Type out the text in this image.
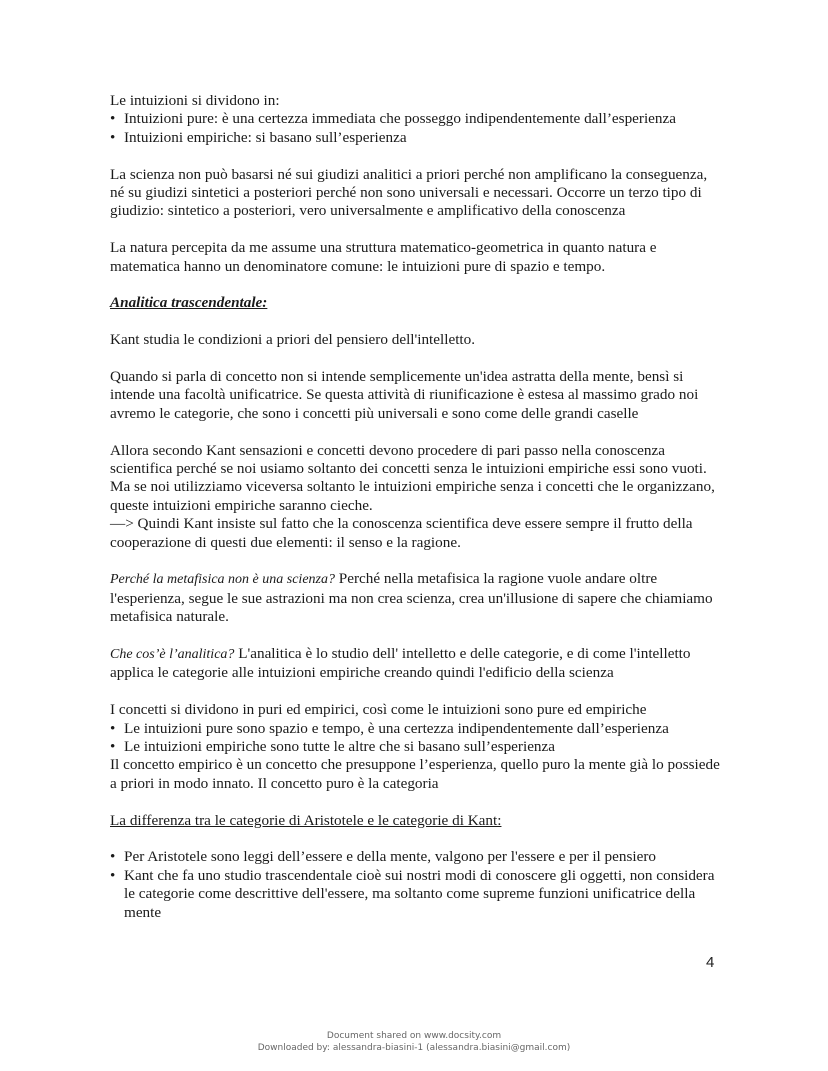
Le intuizioni si dividono in:

• Intuizioni pure: è una certezza immediata che posseggo indipendentemente dall’esperienza

• Intuizioni empiriche: si basano sull’esperienza

La scienza non può basarsi né sui giudizi analitici a priori perché non amplificano la conseguenza, né su giudizi sintetici a posteriori perché non sono universali e necessari. Occorre un terzo tipo di giudizio: sintetico a posteriori, vero universalmente e amplificativo della conoscenza

La natura percepita da me assume una struttura matematico-geometrica in quanto natura e matematica hanno un denominatore comune: le intuizioni pure di spazio e tempo.

Analitica trascendentale:

Kant studia le condizioni a priori del pensiero dell'intelletto.

Quando si parla di concetto non si intende semplicemente un'idea astratta della mente, bensì si intende una facoltà unificatrice. Se questa attività di riunificazione è estesa al massimo grado noi avremo le categorie, che sono i concetti più universali e sono come delle grandi caselle

Allora secondo Kant sensazioni e concetti devono procedere di pari passo nella conoscenza scientifica perché se noi usiamo soltanto dei concetti senza le intuizioni empiriche essi sono vuoti. Ma se noi utilizziamo viceversa soltanto le intuizioni empiriche senza i concetti che le organizzano, queste intuizioni empiriche saranno cieche.

—> Quindi Kant insiste sul fatto che la conoscenza scientifica deve essere sempre il frutto della cooperazione di questi due elementi: il senso e la ragione.

Perché la metafisica non è una scienza? Perché nella metafisica la ragione vuole andare oltre l'esperienza, segue le sue astrazioni ma non crea scienza, crea un'illusione di sapere che chiamiamo metafisica naturale.

Che cos’è l’analitica? L'analitica è lo studio dell' intelletto e delle categorie, e di come l'intelletto applica le categorie alle intuizioni empiriche creando quindi l'edificio della scienza

I concetti si dividono in puri ed empirici, così come le intuizioni sono pure ed empiriche

• Le intuizioni pure sono spazio e tempo, è una certezza indipendentemente dall’esperienza

• Le intuizioni empiriche sono tutte le altre che si basano sull’esperienza

Il concetto empirico è un concetto che presuppone l’esperienza, quello puro la mente già lo possiede a priori in modo innato. Il concetto puro è la categoria

La differenza tra le categorie di Aristotele e le categorie di Kant:

• Per Aristotele sono leggi dell’essere e della mente, valgono per l'essere e per il pensiero

• Kant che fa uno studio trascendentale cioè sui nostri modi di conoscere gli oggetti, non considera le categorie come descrittive dell'essere, ma soltanto come supreme funzioni unificatrice della mente

4
Document shared on www.docsity.com
Downloaded by: alessandra-biasini-1 (alessandra.biasini@gmail.com)
